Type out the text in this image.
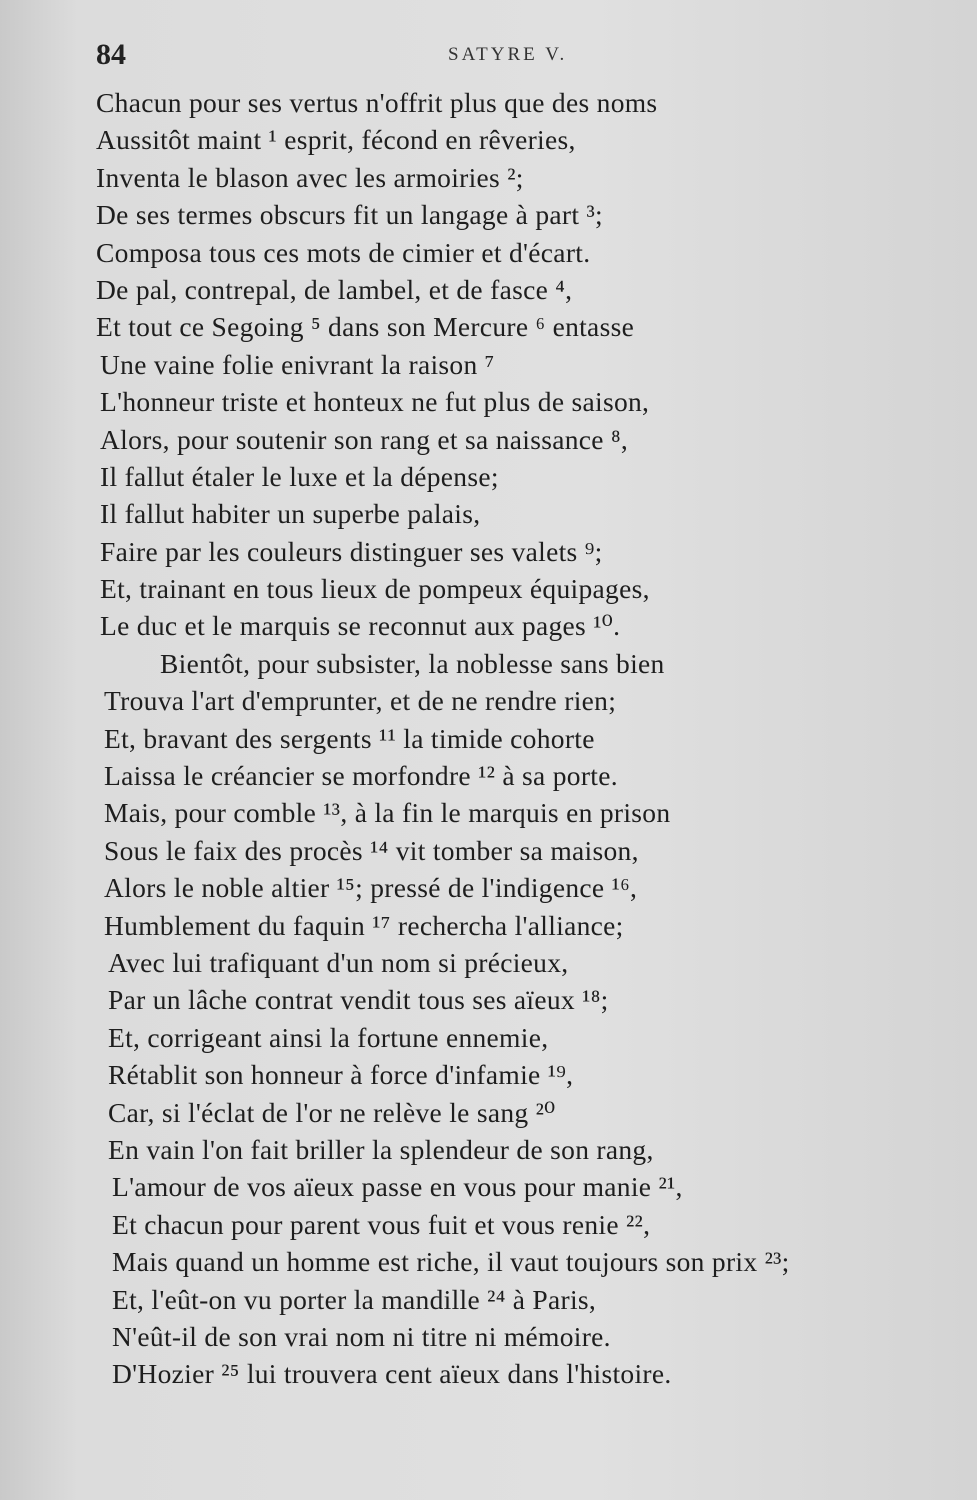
84	SATYRE V.
Chacun pour ses vertus n'offrit plus que des noms
Aussitôt maint ¹ esprit, fécond en rêveries,
Inventa le blason avec les armoiries ²;
De ses termes obscurs fit un langage à part ³;
Composa tous ces mots de cimier et d'écart.
De pal, contrepal, de lambel, et de fasce ⁴,
Et tout ce Segoing ⁵ dans son Mercure ⁶ entasse
Une vaine folie enivrant la raison ⁷
L'honneur triste et honteux ne fut plus de saison,
Alors, pour soutenir son rang et sa naissance ⁸,
Il fallut étaler le luxe et la dépense;
Il fallut habiter un superbe palais,
Faire par les couleurs distinguer ses valets ⁹;
Et, trainant en tous lieux de pompeux équipages,
Le duc et le marquis se reconnut aux pages ¹⁰.
Bientôt, pour subsister, la noblesse sans bien
Trouva l'art d'emprunter, et de ne rendre rien;
Et, bravant des sergents ¹¹ la timide cohorte
Laissa le créancier se morfondre ¹² à sa porte.
Mais, pour comble ¹³, à la fin le marquis en prison
Sous le faix des procès ¹⁴ vit tomber sa maison,
Alors le noble altier ¹⁵; pressé de l'indigence ¹⁶,
Humblement du faquin ¹⁷ rechercha l'alliance;
Avec lui trafiquant d'un nom si précieux,
Par un lâche contrat vendit tous ses aïeux ¹⁸;
Et, corrigeant ainsi la fortune ennemie,
Rétablit son honneur à force d'infamie ¹⁹,
Car, si l'éclat de l'or ne relève le sang ²⁰
En vain l'on fait briller la splendeur de son rang,
L'amour de vos aïeux passe en vous pour manie ²¹,
Et chacun pour parent vous fuit et vous renie ²²,
Mais quand un homme est riche, il vaut toujours son prix ²³;
Et, l'eût-on vu porter la mandille ²⁴ à Paris,
N'eût-il de son vrai nom ni titre ni mémoire.
D'Hozier ²⁵ lui trouvera cent aïeux dans l'histoire.
